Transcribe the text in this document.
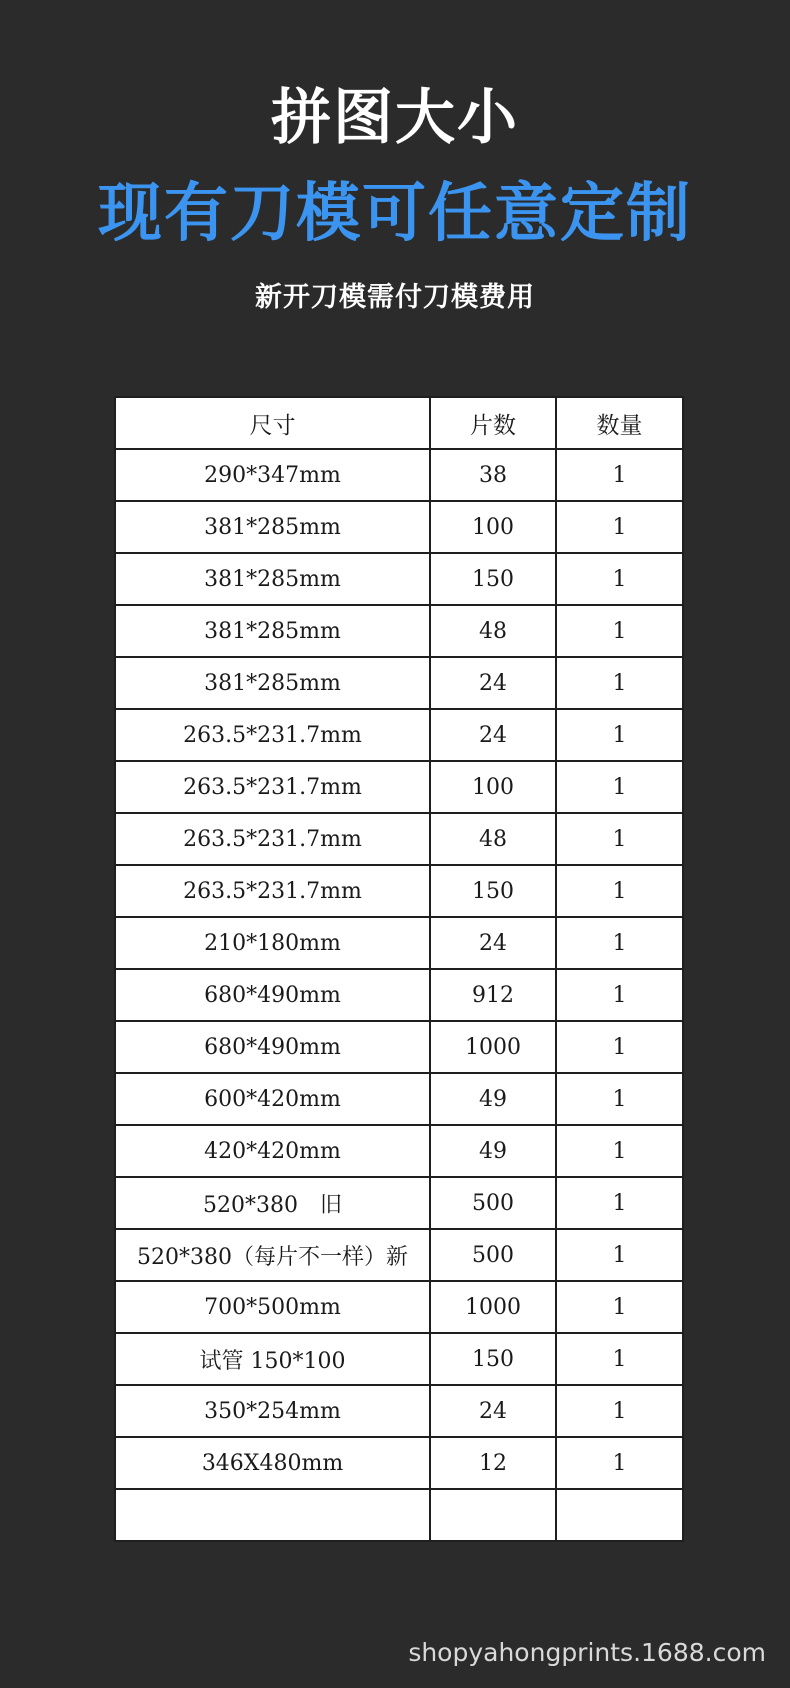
拼图大小
现有刀模可任意定制
新开刀模需付刀模费用
尺寸	片数	数量
290*347mm	38	1
381*285mm	100	1
381*285mm	150	1
381*285mm	48	1
381*285mm	24	1
263.5*231.7mm	24	1
263.5*231.7mm	100	1
263.5*231.7mm	48	1
263.5*231.7mm	150	1
210*180mm	24	1
680*490mm	912	1
680*490mm	1000	1
600*420mm	49	1
420*420mm	49	1
520*380　旧	500	1
520*380（每片不一样）新	500	1
700*500mm	1000	1
试管 150*100	150	1
350*254mm	24	1
346X480mm	12	1

shopyahongprints.1688.com
